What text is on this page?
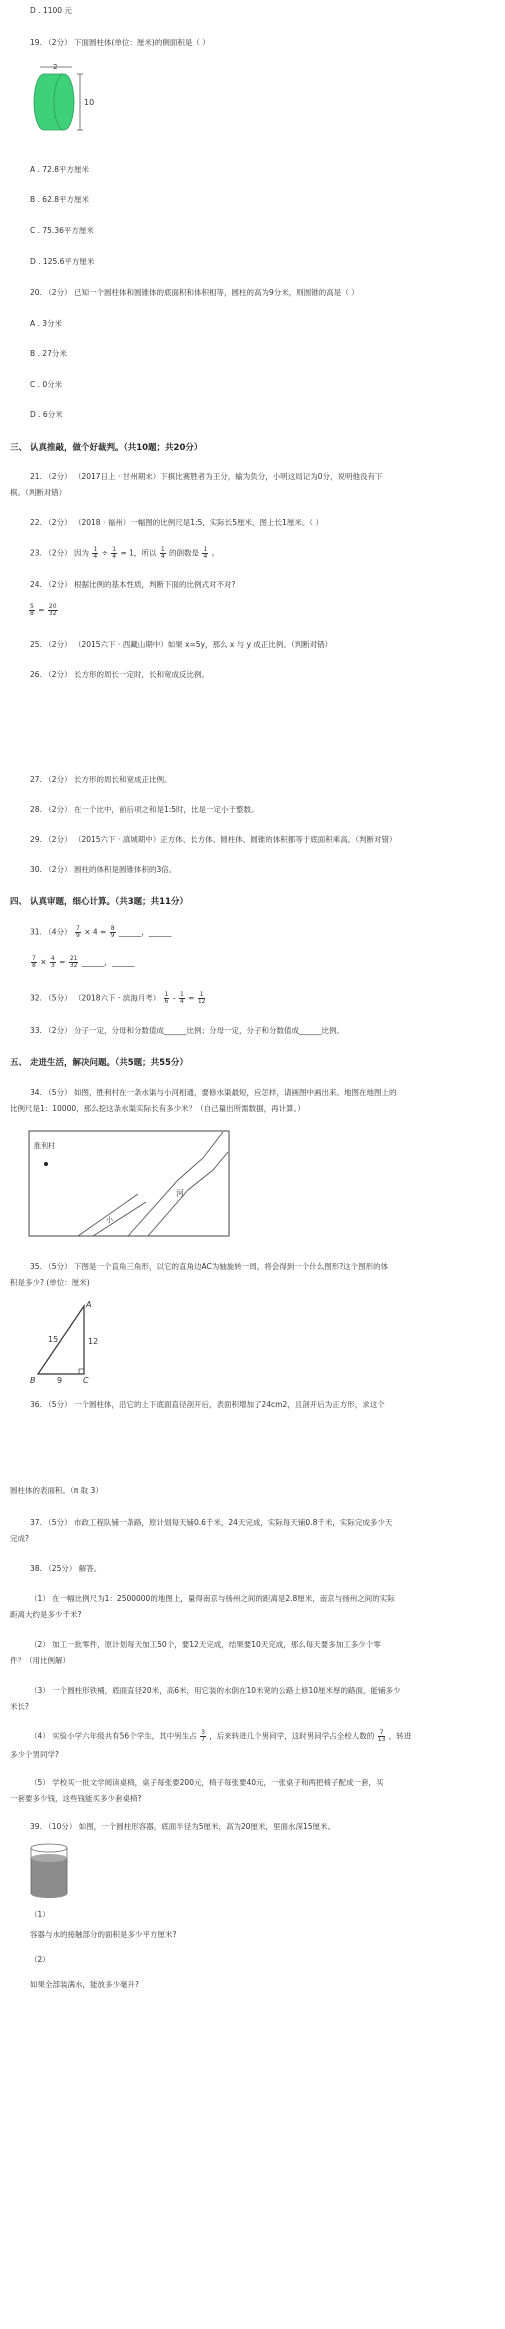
D . 1100 元
19. （2分） 下面圆柱体(单位：厘米)的侧面积是（ ）
2
10
A . 72.8平方厘米
B . 62.8平方厘米
C . 75.36平方厘米
D . 125.6平方厘米
20. （2分） 已知一个圆柱体和圆锥体的底面积和体积相等，圆柱的高为9分米，则圆锥的高是（ ）
A . 3分米
B . 27分米
C . 0分米
D . 6分米
三、 认真推敲，做个好裁判。（共10题；共20分）
21. （2分） （2017日上 · 甘州期末）下棋比赛胜者为王分，输为负分，小明这局记为0分，说明他没有下
棋。（判断对错）
22. （2分） （2018 · 福州）一幅图的比例尺是1:5，实际长5厘米，图上长1厘米。（ ）
23. （2分） 因为 $\frac{1}{4} \div \frac{1}{4} = 1$，所以 $\frac{1}{4}$ 的倒数是 $\frac{1}{4}$ 。
24. （2分） 根据比例的基本性质，判断下面的比例式对不对?
$\frac{5}{8} = \frac{20}{32}$
25. （2分） （2015六下 · 西藏山期中）如果 x=5y，那么 x 与 y 成正比例。（判断对错）
26. （2分） 长方形的周长一定时，长和宽成反比例。
27. （2分） 长方形的周长和宽成正比例。
28. （2分） 在一个比中，前后项之和是1:5时，比是一定小于整数。
29. （2分） （2015六下 · 滇城期中）正方体、长方体、圆柱体、圆锥的体积都等于底面积乘高。（判断对错）
30. （2分） 圆柱的体积是圆锥体积的3倍。
四、 认真审题，细心计算。（共3题；共11分）
31. （4分） $\frac{7}{9} \times 4 = \frac{8}{9}$ ______，______
$\frac{7}{8} \times \frac{4}{3} = \frac{21}{32}$ ______，______
32. （5分） （2018六下 · 滨海月考） $\frac{1}{6} - \frac{1}{4} = \frac{1}{12}$
33. （2分） 分子一定，分母和分数值成______比例；分母一定，分子和分数值成______比例。
五、 走进生活，解决问题。（共5题；共55分）
34. （5分） 如图，胜利村在一条水渠与小河相通，要修水渠最短，应怎样，请画图中画出来。地图在地图上的
比例尺是1：10000，那么挖这条水渠实际长有多少米？（自己量出所需数据，再计算。）
胜利村
河
小
35. （5分） 下图是一个直角三角形，以它的直角边AC为轴旋转一周，将会得到一个什么图形?这个图形的体
积是多少? (单位：厘米)
A
B	C
15	12
9
36. （5分） 一个圆柱体，沿它的上下底面直径剖开后，表面积增加了24cm2，且剖开后为正方形，求这个
圆柱体的表面积。（π 取 3）
37. （5分） 市政工程队铺一条路，原计划每天铺0.6千米，24天完成，实际每天铺0.8千米，实际完成多少天
完成?
38. （25分） 解答。
（1） 在一幅比例尺为1：2500000的地图上，量得南京与扬州之间的距离是2.8厘米，南京与扬州之间的实际
距离大约是多少千米?
（2） 加工一批零件，原计划每天加工50个，要12天完成，结果要10天完成，那么每天要多加工多少个零
件？（用比例解）
（3） 一个圆柱形铁桶，底面直径20米，高6米，用它装的水倒在10米宽的公路上修10厘米厚的路面，能铺多少
米长?
（4） 实验小学六年级共有56个学生，其中男生占 $\frac{3}{7}$ ，后来转进几个男同学，这时男同学占全校人数的 $\frac{7}{13}$ ，转进
多少个男同学?
（5） 学校买一批文学阅读桌椅，桌子每张要200元，椅子每张要40元，一张桌子和两把椅子配成一套，买
一套要多少钱，这些钱能买多少套桌椅?
39. （10分） 如图，一个圆柱形容器，底面半径为5厘米，高为20厘米，里面水深15厘米。
（1）
容器与水的接触部分的面积是多少平方厘米?
（2）
如果全部装满水，能放多少毫升?
